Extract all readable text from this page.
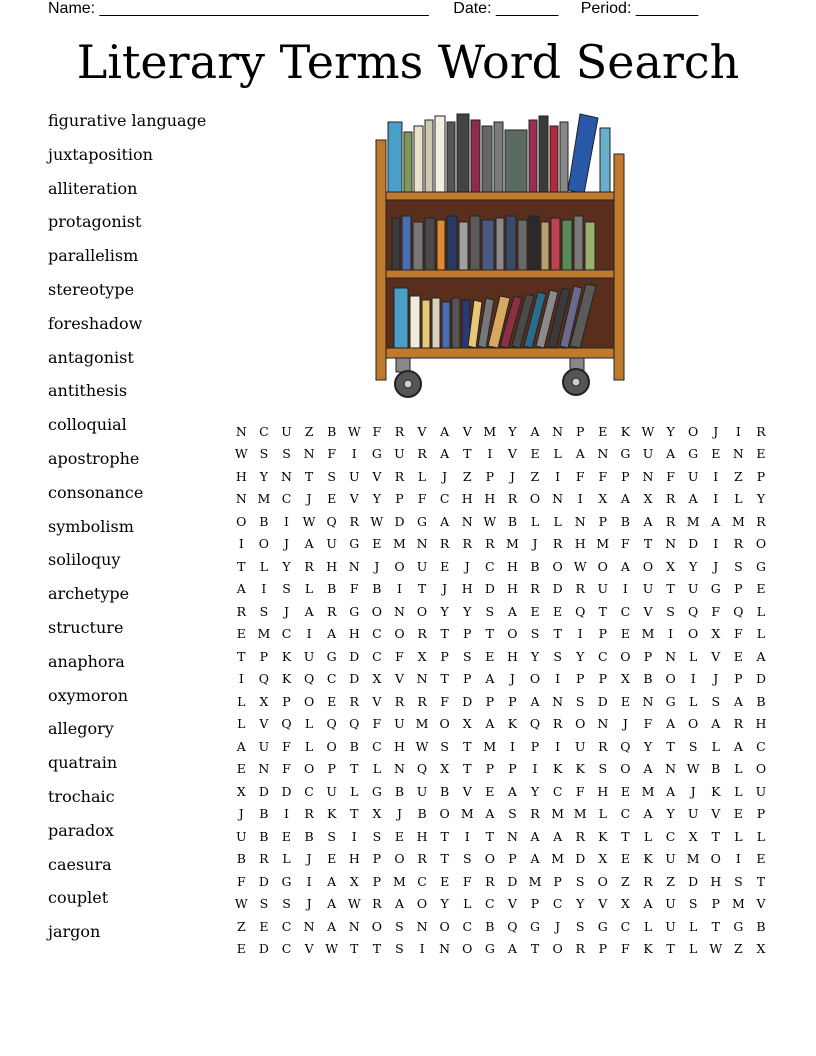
Name: _____________________________________ Date: _______ Period: _______
Literary Terms Word Search
figurative language
juxtaposition
alliteration
protagonist
parallelism
stereotype
foreshadow
antagonist
antithesis
colloquial
apostrophe
consonance
symbolism
soliloquy
archetype
structure
anaphora
oxymoron
allegory
quatrain
trochaic
paradox
caesura
couplet
jargon
N	C	U	Z	B	W	F	R	V	A	V	M	Y	A	N	P	E	K	W	Y	O	J	I	R
W	S	S	N	F	I	G	U	R	A	T	I	V	E	L	A	N	G	U	A	G	E	N	E
H	Y	N	T	S	U	V	R	L	J	Z	P	J	Z	I	F	F	P	N	F	U	I	Z	P
N	M	C	J	E	V	Y	P	F	C	H	H	R	O	N	I	X	A	X	R	A	I	L	Y
O	B	I	W	Q	R	W	D	G	A	N	W	B	L	L	N	P	B	A	R	M	A	M	R
I	O	J	A	U	G	E	M	N	R	R	R	M	J	R	H	M	F	T	N	D	I	R	O
T	L	Y	R	H	N	J	O	U	E	J	C	H	B	O	W	O	A	O	X	Y	J	S	G
A	I	S	L	B	F	B	I	T	J	H	D	H	R	D	R	U	I	U	T	U	G	P	E
R	S	J	A	R	G	O	N	O	Y	Y	S	A	E	E	Q	T	C	V	S	Q	F	Q	L
E	M	C	I	A	H	C	O	R	T	P	T	O	S	T	I	P	E	M	I	O	X	F	L
T	P	K	U	G	D	C	F	X	P	S	E	H	Y	S	Y	C	O	P	N	L	V	E	A
I	Q	K	Q	C	D	X	V	N	T	P	A	J	O	I	P	P	X	B	O	I	J	P	D
L	X	P	O	E	R	V	R	R	F	D	P	P	A	N	S	D	E	N	G	L	S	A	B
L	V	Q	L	Q	Q	F	U	M	O	X	A	K	Q	R	O	N	J	F	A	O	A	R	H
A	U	F	L	O	B	C	H	W	S	T	M	I	P	I	U	R	Q	Y	T	S	L	A	C
E	N	F	O	P	T	L	N	Q	X	T	P	P	I	K	K	S	O	A	N	W	B	L	O
X	D	D	C	U	L	G	B	U	B	V	E	A	Y	C	F	H	E	M	A	J	K	L	U
J	B	I	R	K	T	X	J	B	O	M	A	S	R	M	M	L	C	A	Y	U	V	E	P
U	B	E	B	S	I	S	E	H	T	I	T	N	A	A	R	K	T	L	C	X	T	L	L
B	R	L	J	E	H	P	O	R	T	S	O	P	A	M	D	X	E	K	U	M	O	I	E
F	D	G	I	A	X	P	M	C	E	F	R	D	M	P	S	O	Z	R	Z	D	H	S	T
W	S	S	J	A	W	R	A	O	Y	L	C	V	P	C	Y	V	X	A	U	S	P	M	V
Z	E	C	N	A	N	O	S	N	O	C	B	Q	G	J	S	G	C	L	U	L	T	G	B
E	D	C	V	W	T	T	S	I	N	O	G	A	T	O	R	P	F	K	T	L	W	Z	X
